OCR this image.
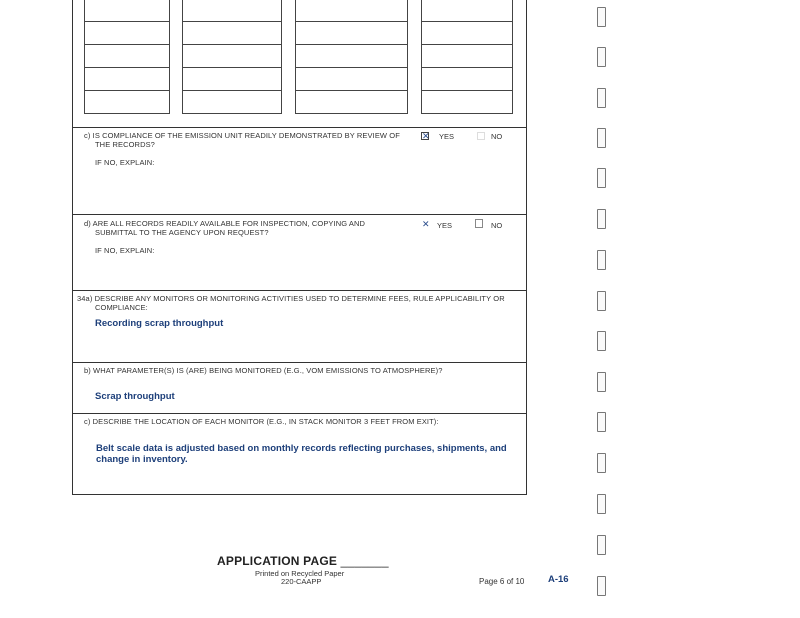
c) IS COMPLIANCE OF THE EMISSION UNIT READILY DEMONSTRATED BY REVIEW OF
THE RECORDS?
✕ YES	NO
IF NO, EXPLAIN:
d) ARE ALL RECORDS READILY AVAILABLE FOR INSPECTION, COPYING AND
SUBMITTAL TO THE AGENCY UPON REQUEST?
✕ YES	NO
IF NO, EXPLAIN:
34a) DESCRIBE ANY MONITORS OR MONITORING ACTIVITIES USED TO DETERMINE FEES, RULE APPLICABILITY OR
COMPLIANCE:
Recording scrap throughput
b) WHAT PARAMETER(S) IS (ARE) BEING MONITORED (E.G., VOM EMISSIONS TO ATMOSPHERE)?
Scrap throughput
c) DESCRIBE THE LOCATION OF EACH MONITOR (E.G., IN STACK MONITOR 3 FEET FROM EXIT):
Belt scale data is adjusted based on monthly records reflecting purchases, shipments, and
change in inventory.
APPLICATION PAGE _______
Printed on Recycled Paper
220-CAAPP	Page 6 of 10 A-16
